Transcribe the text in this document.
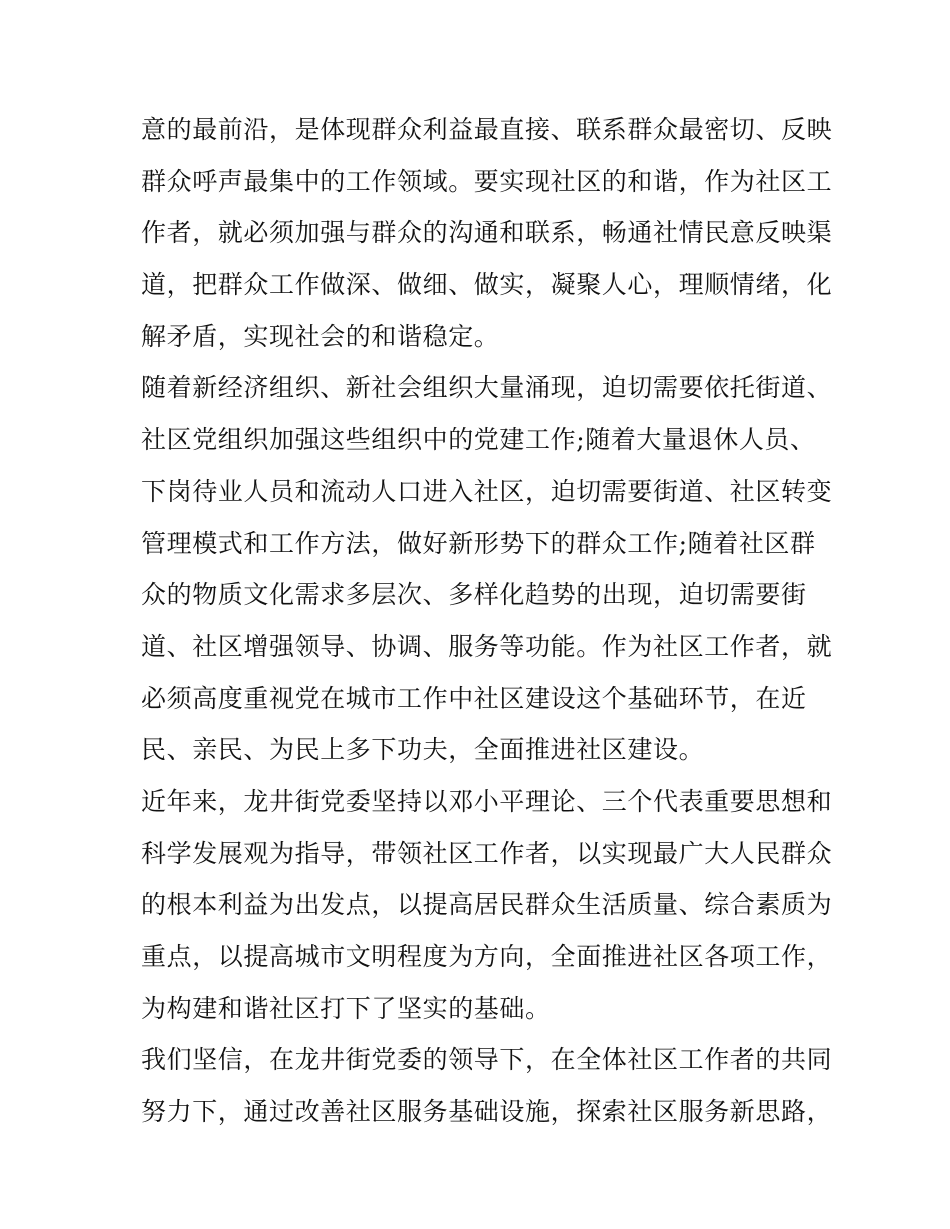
意的最前沿，是体现群众利益最直接、联系群众最密切、反映
群众呼声最集中的工作领域。要实现社区的和谐，作为社区工
作者，就必须加强与群众的沟通和联系，畅通社情民意反映渠
道，把群众工作做深、做细、做实，凝聚人心，理顺情绪，化
解矛盾，实现社会的和谐稳定。
随着新经济组织、新社会组织大量涌现，迫切需要依托街道、
社区党组织加强这些组织中的党建工作;随着大量退休人员、
下岗待业人员和流动人口进入社区，迫切需要街道、社区转变
管理模式和工作方法，做好新形势下的群众工作;随着社区群
众的物质文化需求多层次、多样化趋势的出现，迫切需要街
道、社区增强领导、协调、服务等功能。作为社区工作者，就
必须高度重视党在城市工作中社区建设这个基础环节，在近
民、亲民、为民上多下功夫，全面推进社区建设。
近年来，龙井街党委坚持以邓小平理论、三个代表重要思想和
科学发展观为指导，带领社区工作者，以实现最广大人民群众
的根本利益为出发点，以提高居民群众生活质量、综合素质为
重点，以提高城市文明程度为方向，全面推进社区各项工作，
为构建和谐社区打下了坚实的基础。
我们坚信，在龙井街党委的领导下，在全体社区工作者的共同
努力下，通过改善社区服务基础设施，探索社区服务新思路，
